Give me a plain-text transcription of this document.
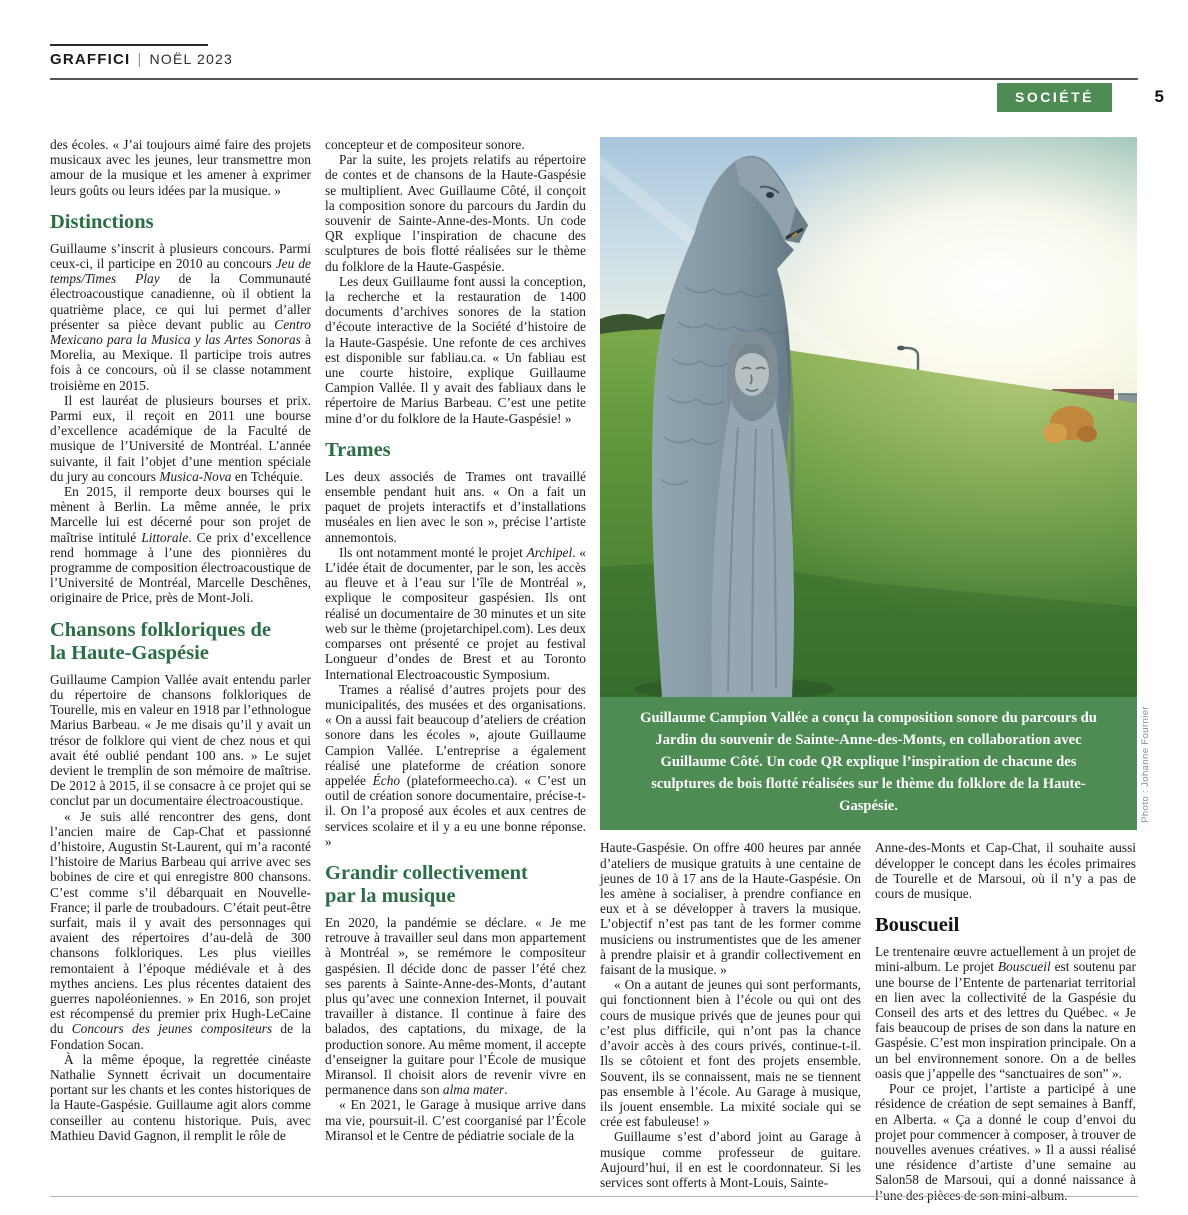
GRAFFICI | NOËL 2023
SOCIÉTÉ	5

des écoles. « J’ai toujours aimé faire des projets musicaux avec les jeunes, leur transmettre mon amour de la musique et les amener à exprimer leurs goûts ou leurs idées par la musique. »

Distinctions

Guillaume s’inscrit à plusieurs concours. Parmi ceux-ci, il participe en 2010 au concours Jeu de temps/Times Play de la Communauté électroacoustique canadienne, où il obtient la quatrième place, ce qui lui permet d’aller présenter sa pièce devant public au Centro Mexicano para la Musica y las Artes Sonoras à Morelia, au Mexique. Il participe trois autres fois à ce concours, où il se classe notamment troisième en 2015.

Il est lauréat de plusieurs bourses et prix. Parmi eux, il reçoit en 2011 une bourse d’excellence académique de la Faculté de musique de l’Université de Montréal. L’année suivante, il fait l’objet d’une mention spéciale du jury au concours Musica-Nova en Tchéquie.

En 2015, il remporte deux bourses qui le mènent à Berlin. La même année, le prix Marcelle lui est décerné pour son projet de maîtrise intitulé Littorale. Ce prix d’excellence rend hommage à l’une des pionnières du programme de composition électroacoustique de l’Université de Montréal, Marcelle Deschênes, originaire de Price, près de Mont-Joli.

Chansons folkloriques de
la Haute-Gaspésie

Guillaume Campion Vallée avait entendu parler du répertoire de chansons folkloriques de Tourelle, mis en valeur en 1918 par l’ethnologue Marius Barbeau. « Je me disais qu’il y avait un trésor de folklore qui vient de chez nous et qui avait été oublié pendant 100 ans. » Le sujet devient le tremplin de son mémoire de maîtrise. De 2012 à 2015, il se consacre à ce projet qui se conclut par un documentaire électroacoustique.

« Je suis allé rencontrer des gens, dont l’ancien maire de Cap-Chat et passionné d’histoire, Augustin St-Laurent, qui m’a raconté l’histoire de Marius Barbeau qui arrive avec ses bobines de cire et qui enregistre 800 chansons. C’est comme s’il débarquait en Nouvelle-France; il parle de troubadours. C’était peut-être surfait, mais il y avait des personnages qui avaient des répertoires d’au-delà de 300 chansons folkloriques. Les plus vieilles remontaient à l’époque médiévale et à des mythes anciens. Les plus récentes dataient des guerres napoléoniennes. » En 2016, son projet est récompensé du premier prix Hugh-LeCaine du Concours des jeunes compositeurs de la Fondation Socan.

À la même époque, la regrettée cinéaste Nathalie Synnett écrivait un documentaire portant sur les chants et les contes historiques de la Haute-Gaspésie. Guillaume agit alors comme conseiller au contenu historique. Puis, avec Mathieu David Gagnon, il remplit le rôle de

concepteur et de compositeur sonore.

Par la suite, les projets relatifs au répertoire de contes et de chansons de la Haute-Gaspésie se multiplient. Avec Guillaume Côté, il conçoit la composition sonore du parcours du Jardin du souvenir de Sainte-Anne-des-Monts. Un code QR explique l’inspiration de chacune des sculptures de bois flotté réalisées sur le thème du folklore de la Haute-Gaspésie.

Les deux Guillaume font aussi la conception, la recherche et la restauration de 1400 documents d’archives sonores de la station d’écoute interactive de la Société d’histoire de la Haute-Gaspésie. Une refonte de ces archives est disponible sur fabliau.ca. « Un fabliau est une courte histoire, explique Guillaume Campion Vallée. Il y avait des fabliaux dans le répertoire de Marius Barbeau. C’est une petite mine d’or du folklore de la Haute-Gaspésie! »

Trames

Les deux associés de Trames ont travaillé ensemble pendant huit ans. « On a fait un paquet de projets interactifs et d’installations muséales en lien avec le son », précise l’artiste annemontois.

Ils ont notamment monté le projet Archipel. « L’idée était de documenter, par le son, les accès au fleuve et à l’eau sur l’île de Montréal », explique le compositeur gaspésien. Ils ont réalisé un documentaire de 30 minutes et un site web sur le thème (projetarchipel.com). Les deux comparses ont présenté ce projet au festival Longueur d’ondes de Brest et au Toronto International Electroacoustic Symposium.

Trames a réalisé d’autres projets pour des municipalités, des musées et des organisations. « On a aussi fait beaucoup d’ateliers de création sonore dans les écoles », ajoute Guillaume Campion Vallée. L’entreprise a également réalisé une plateforme de création sonore appelée Écho (plateformeecho.ca). « C’est un outil de création sonore documentaire, précise-t-il. On l’a proposé aux écoles et aux centres de services scolaire et il y a eu une bonne réponse. »

Grandir collectivement
par la musique

En 2020, la pandémie se déclare. « Je me retrouve à travailler seul dans mon appartement à Montréal », se remémore le compositeur gaspésien. Il décide donc de passer l’été chez ses parents à Sainte-Anne-des-Monts, d’autant plus qu’avec une connexion Internet, il pouvait travailler à distance. Il continue à faire des balados, des captations, du mixage, de la production sonore. Au même moment, il accepte d’enseigner la guitare pour l’École de musique Miransol. Il choisit alors de revenir vivre en permanence dans son alma mater.

« En 2021, le Garage à musique arrive dans ma vie, poursuit-il. C’est coorganisé par l’École Miransol et le Centre de pédiatrie sociale de la

Guillaume Campion Vallée a conçu la composition sonore du parcours du Jardin du souvenir de Sainte-Anne-des-Monts, en collaboration avec Guillaume Côté. Un code QR explique l’inspiration de chacune des sculptures de bois flotté réalisées sur le thème du folklore de la Haute-Gaspésie.	Photo : Johanne Fournier

Haute-Gaspésie. On offre 400 heures par année d’ateliers de musique gratuits à une centaine de jeunes de 10 à 17 ans de la Haute-Gaspésie. On les amène à socialiser, à prendre confiance en eux et à se développer à travers la musique. L’objectif n’est pas tant de les former comme musiciens ou instrumentistes que de les amener à prendre plaisir et à grandir collectivement en faisant de la musique. »

« On a autant de jeunes qui sont performants, qui fonctionnent bien à l’école ou qui ont des cours de musique privés que de jeunes pour qui c’est plus difficile, qui n’ont pas la chance d’avoir accès à des cours privés, continue-t-il. Ils se côtoient et font des projets ensemble. Souvent, ils se connaissent, mais ne se tiennent pas ensemble à l’école. Au Garage à musique, ils jouent ensemble. La mixité sociale qui se crée est fabuleuse! »

Guillaume s’est d’abord joint au Garage à musique comme professeur de guitare. Aujourd’hui, il en est le coordonnateur. Si les services sont offerts à Mont-Louis, Sainte-

Anne-des-Monts et Cap-Chat, il souhaite aussi développer le concept dans les écoles primaires de Tourelle et de Marsoui, où il n’y a pas de cours de musique.

Bouscueil

Le trentenaire œuvre actuellement à un projet de mini-album. Le projet Bouscueil est soutenu par une bourse de l’Entente de partenariat territorial en lien avec la collectivité de la Gaspésie du Conseil des arts et des lettres du Québec. « Je fais beaucoup de prises de son dans la nature en Gaspésie. C’est mon inspiration principale. On a un bel environnement sonore. On a de belles oasis que j’appelle des “sanctuaires de son” ».

Pour ce projet, l’artiste a participé à une résidence de création de sept semaines à Banff, en Alberta. « Ça a donné le coup d’envoi du projet pour commencer à composer, à trouver de nouvelles avenues créatives. » Il a aussi réalisé une résidence d’artiste d’une semaine au Salon58 de Marsoui, qui a donné naissance à l’une des pièces de son mini-album.
